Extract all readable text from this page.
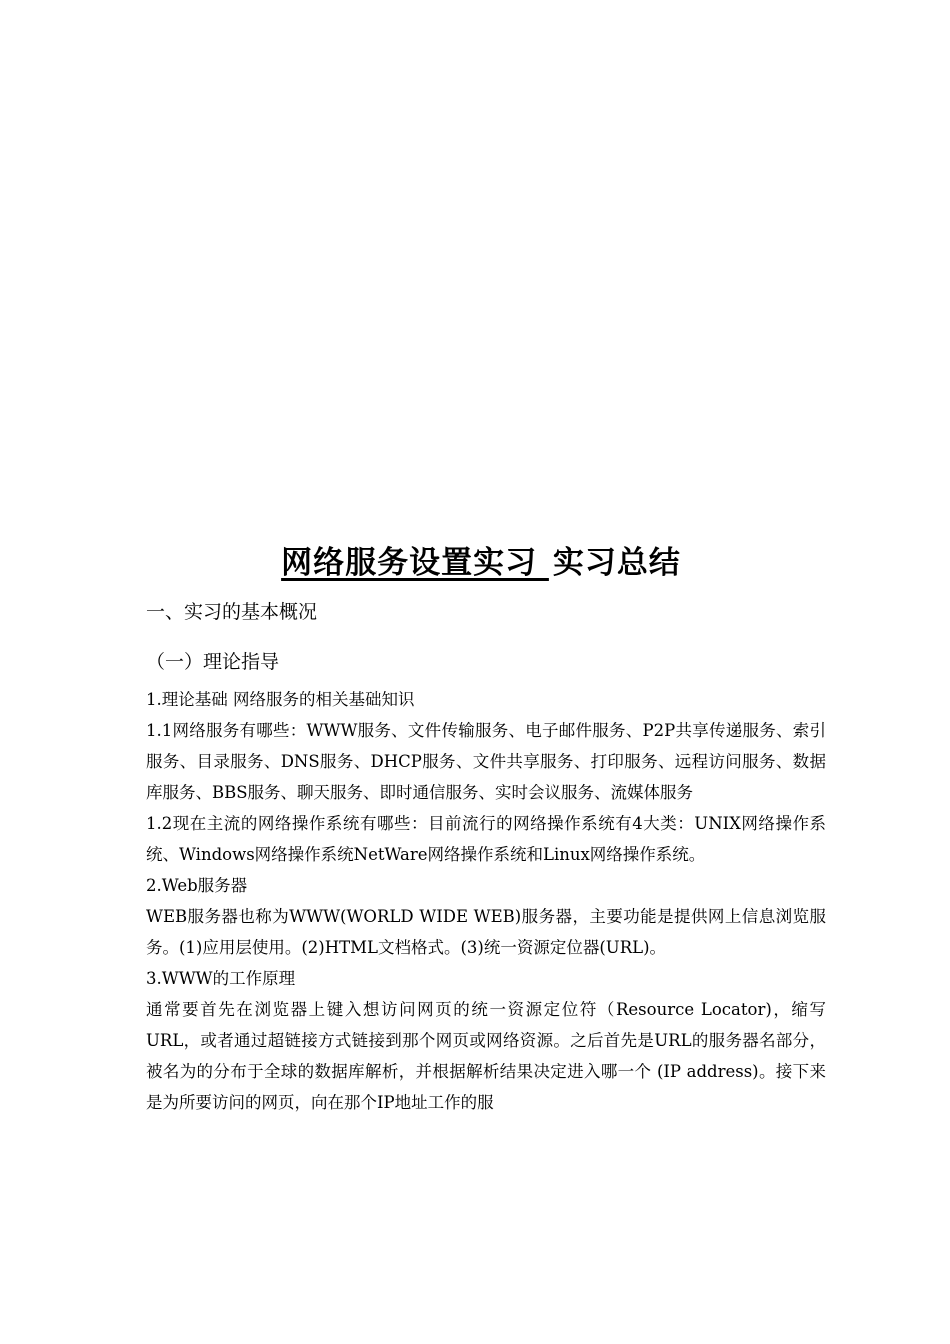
网络服务设置实习 实习总结
一、实习的基本概况
（一）理论指导

1.理论基础 网络服务的相关基础知识

1.1网络服务有哪些：WWW服务、文件传输服务、电子邮件服务、P2P共享传递服务、索引服务、目录服务、DNS服务、DHCP服务、文件共享服务、打印服务、远程访问服务、数据库服务、BBS服务、聊天服务、即时通信服务、实时会议服务、流媒体服务

1.2现在主流的网络操作系统有哪些：目前流行的网络操作系统有4大类：UNIX网络操作系统、Windows网络操作系统NetWare网络操作系统和Linux网络操作系统。

2.Web服务器

WEB服务器也称为WWW(WORLD WIDE WEB)服务器，主要功能是提供网上信息浏览服务。(1)应用层使用。(2)HTML文档格式。(3)统一资源定位器(URL)。

3.WWW的工作原理

通常要首先在浏览器上键入想访问网页的统一资源定位符（Resource Locator)，缩写URL，或者通过超链接方式链接到那个网页或网络资源。之后首先是URL的服务器名部分，被名为的分布于全球的数据库解析，并根据解析结果决定进入哪一个 (IP address)。接下来是为所要访问的网页，向在那个IP地址工作的服
